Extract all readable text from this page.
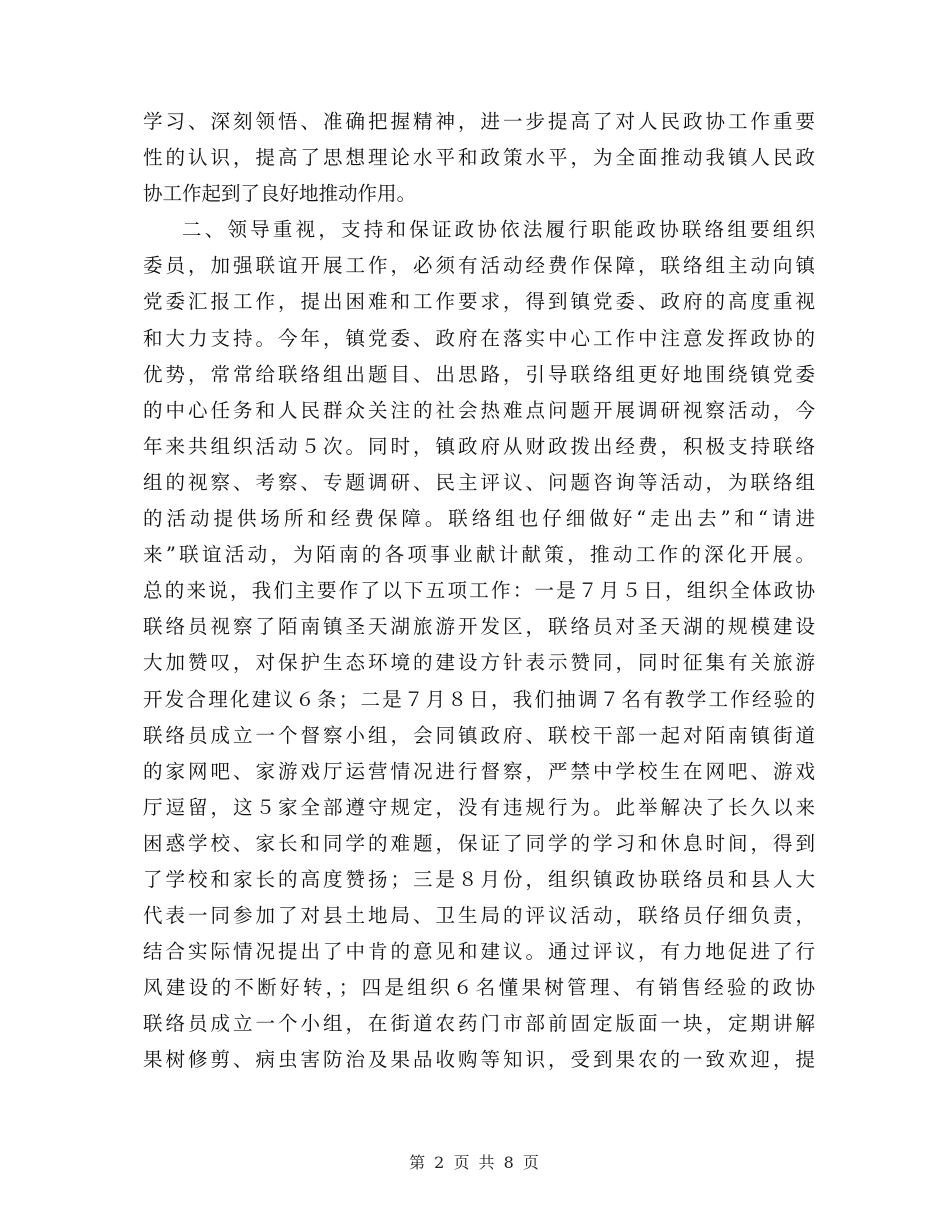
学习、深刻领悟、准确把握精神，进一步提高了对人民政协工作重要
性的认识，提高了思想理论水平和政策水平，为全面推动我镇人民政
协工作起到了良好地推动作用。
二、领导重视，支持和保证政协依法履行职能政协联络组要组织
委员，加强联谊开展工作，必须有活动经费作保障，联络组主动向镇
党委汇报工作，提出困难和工作要求，得到镇党委、政府的高度重视
和大力支持。今年，镇党委、政府在落实中心工作中注意发挥政协的
优势，常常给联络组出题目、出思路，引导联络组更好地围绕镇党委
的中心任务和人民群众关注的社会热难点问题开展调研视察活动，今
年来共组织活动５次。同时，镇政府从财政拨出经费，积极支持联络
组的视察、考察、专题调研、民主评议、问题咨询等活动，为联络组
的活动提供场所和经费保障。联络组也仔细做好“走出去”和“请进
来”联谊活动，为陌南的各项事业献计献策，推动工作的深化开展。
总的来说，我们主要作了以下五项工作：一是７月５日，组织全体政协
联络员视察了陌南镇圣天湖旅游开发区，联络员对圣天湖的规模建设
大加赞叹，对保护生态环境的建设方针表示赞同，同时征集有关旅游
开发合理化建议６条；二是７月８日，我们抽调７名有教学工作经验的
联络员成立一个督察小组，会同镇政府、联校干部一起对陌南镇街道
的家网吧、家游戏厅运营情况进行督察，严禁中学校生在网吧、游戏
厅逗留，这５家全部遵守规定，没有违规行为。此举解决了长久以来
困惑学校、家长和同学的难题，保证了同学的学习和休息时间，得到
了学校和家长的高度赞扬；三是８月份，组织镇政协联络员和县人大
代表一同参加了对县土地局、卫生局的评议活动，联络员仔细负责，
结合实际情况提出了中肯的意见和建议。通过评议，有力地促进了行
风建设的不断好转，；四是组织６名懂果树管理、有销售经验的政协
联络员成立一个小组，在街道农药门市部前固定版面一块，定期讲解
果树修剪、病虫害防治及果品收购等知识，受到果农的一致欢迎，提
第 2 页 共 8 页
